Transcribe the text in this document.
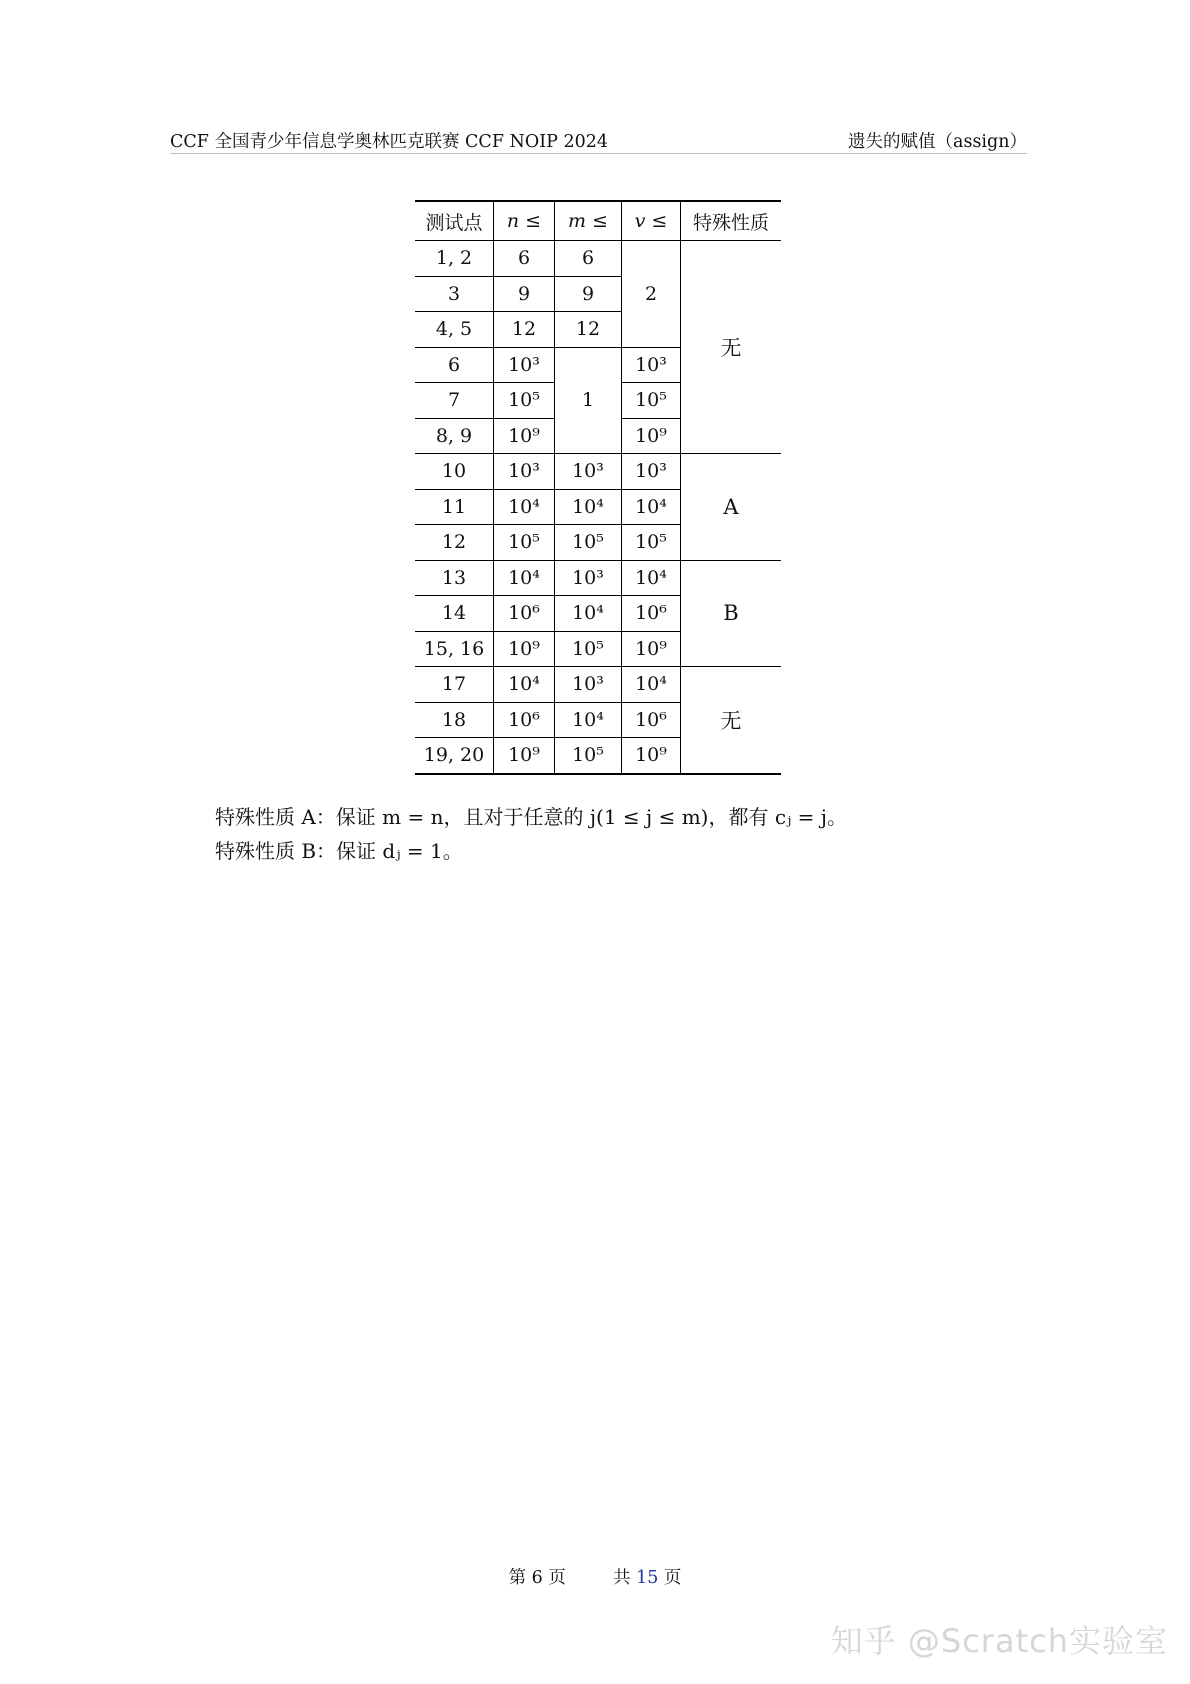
CCF 全国青少年信息学奥林匹克联赛 CCF NOIP 2024	遗失的赋值（assign）
测试点	n ≤	m ≤	v ≤	特殊性质
1, 2	6	6	2	无
3	9	9		
4, 5	12	12		
6	10³	1	10³	
7	10⁵		10⁵	
8, 9	10⁹		10⁹	
10	10³	10³	10³	A
11	10⁴	10⁴	10⁴	
12	10⁵	10⁵	10⁵	
13	10⁴	10³	10⁴	B
14	10⁶	10⁴	10⁶	
15, 16	10⁹	10⁵	10⁹	
17	10⁴	10³	10⁴	无
18	10⁶	10⁴	10⁶	
19, 20	10⁹	10⁵	10⁹	
特殊性质 A：保证 m = n，且对于任意的 j(1 ≤ j ≤ m)，都有 cⱼ = j。
特殊性质 B：保证 dⱼ = 1。
第 6 页	共 15 页
知乎 @Scratch实验室
